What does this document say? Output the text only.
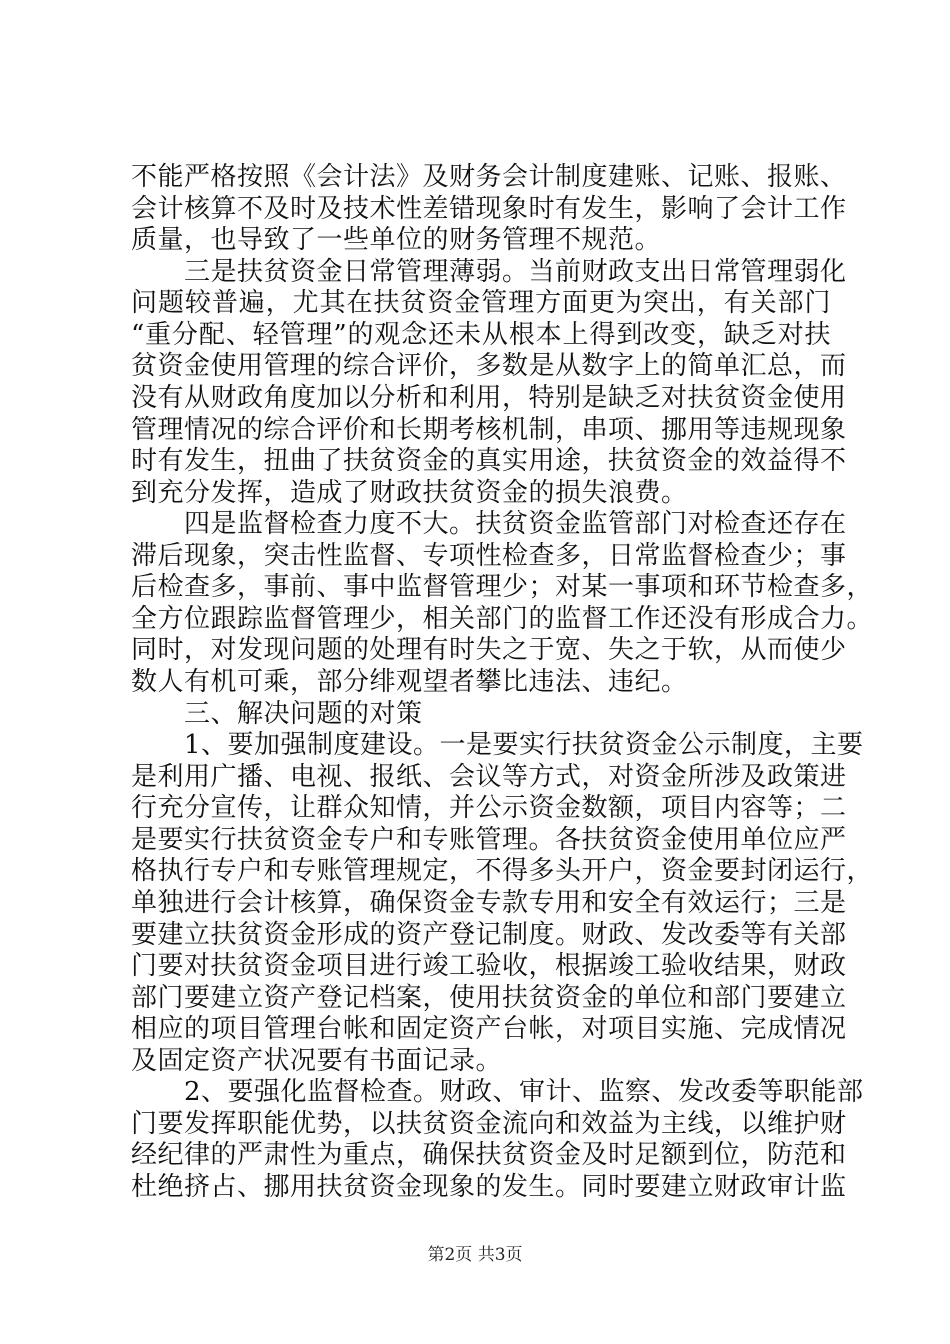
不能严格按照《会计法》及财务会计制度建账、记账、报账、
会计核算不及时及技术性差错现象时有发生，影响了会计工作
质量，也导致了一些单位的财务管理不规范。
　　三是扶贫资金日常管理薄弱。当前财政支出日常管理弱化
问题较普遍，尤其在扶贫资金管理方面更为突出，有关部门
“重分配、轻管理”的观念还未从根本上得到改变，缺乏对扶
贫资金使用管理的综合评价，多数是从数字上的简单汇总，而
没有从财政角度加以分析和利用，特别是缺乏对扶贫资金使用
管理情况的综合评价和长期考核机制，串项、挪用等违规现象
时有发生，扭曲了扶贫资金的真实用途，扶贫资金的效益得不
到充分发挥，造成了财政扶贫资金的损失浪费。
　　四是监督检查力度不大。扶贫资金监管部门对检查还存在
滞后现象，突击性监督、专项性检查多，日常监督检查少；事
后检查多，事前、事中监督管理少；对某一事项和环节检查多，
全方位跟踪监督管理少，相关部门的监督工作还没有形成合力。
同时，对发现问题的处理有时失之于宽、失之于软，从而使少
数人有机可乘，部分绯观望者攀比违法、违纪。
　　三、解决问题的对策
　　1、要加强制度建设。一是要实行扶贫资金公示制度，主要
是利用广播、电视、报纸、会议等方式，对资金所涉及政策进
行充分宣传，让群众知情，并公示资金数额，项目内容等；二
是要实行扶贫资金专户和专账管理。各扶贫资金使用单位应严
格执行专户和专账管理规定，不得多头开户，资金要封闭运行，
单独进行会计核算，确保资金专款专用和安全有效运行；三是
要建立扶贫资金形成的资产登记制度。财政、发改委等有关部
门要对扶贫资金项目进行竣工验收，根据竣工验收结果，财政
部门要建立资产登记档案，使用扶贫资金的单位和部门要建立
相应的项目管理台帐和固定资产台帐，对项目实施、完成情况
及固定资产状况要有书面记录。
　　2、要强化监督检查。财政、审计、监察、发改委等职能部
门要发挥职能优势，以扶贫资金流向和效益为主线，以维护财
经纪律的严肃性为重点，确保扶贫资金及时足额到位，防范和
杜绝挤占、挪用扶贫资金现象的发生。同时要建立财政审计监
第2页 共3页
